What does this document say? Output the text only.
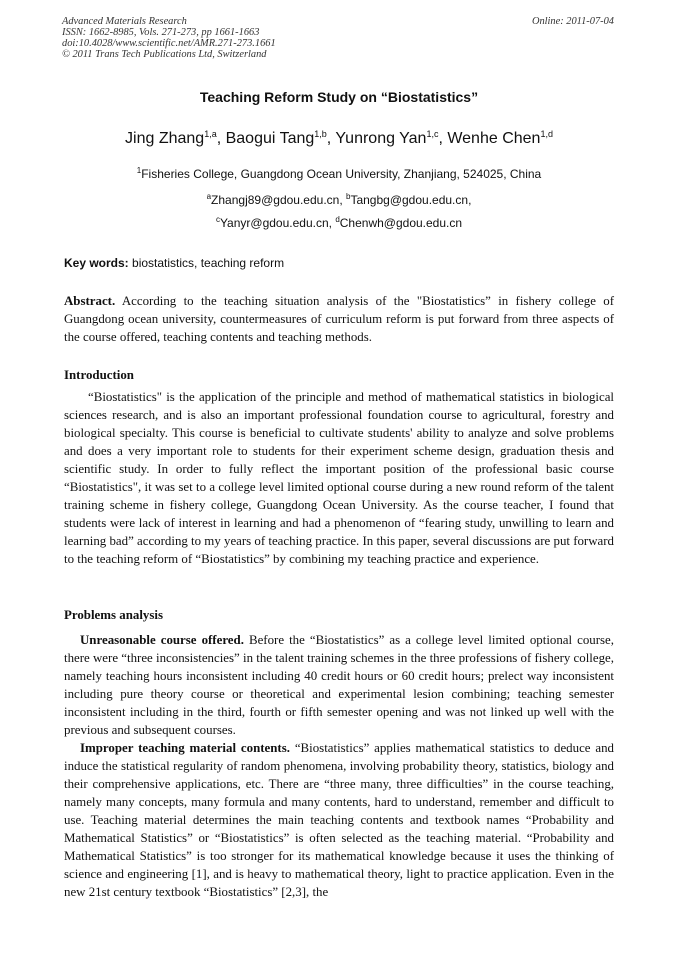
Advanced Materials Research
ISSN: 1662-8985, Vols. 271-273, pp 1661-1663
doi:10.4028/www.scientific.net/AMR.271-273.1661
© 2011 Trans Tech Publications Ltd, Switzerland
Online: 2011-07-04
Teaching Reform Study on “Biostatistics”
Jing Zhang$^{1,a}$, Baogui Tang$^{1,b}$, Yunrong Yan$^{1,c}$, Wenhe Chen$^{1,d}$
$^1$Fisheries College, Guangdong Ocean University, Zhanjiang, 524025, China
$^a$Zhangj89@gdou.edu.cn, $^b$Tangbg@gdou.edu.cn,
$^c$Yanyr@gdou.edu.cn, $^d$Chenwh@gdou.edu.cn
Key words: biostatistics, teaching reform

Abstract. According to the teaching situation analysis of the "Biostatistics” in fishery college of Guangdong ocean university, countermeasures of curriculum reform is put forward from three aspects of the course offered, teaching contents and teaching methods.

Introduction

“Biostatistics" is the application of the principle and method of mathematical statistics in biological sciences research, and is also an important professional foundation course to agricultural, forestry and biological specialty. This course is beneficial to cultivate students' ability to analyze and solve problems and does a very important role to students for their experiment scheme design, graduation thesis and scientific study. In order to fully reflect the important position of the professional basic course “Biostatistics", it was set to a college level limited optional course during a new round reform of the talent training scheme in fishery college, Guangdong Ocean University. As the course teacher, I found that students were lack of interest in learning and had a phenomenon of “fearing study, unwilling to learn and learning bad” according to my years of teaching practice. In this paper, several discussions are put forward to the teaching reform of “Biostatistics” by combining my teaching practice and experience.

Problems analysis

Unreasonable course offered. Before the “Biostatistics” as a college level limited optional course, there were “three inconsistencies” in the talent training schemes in the three professions of fishery college, namely teaching hours inconsistent including 40 credit hours or 60 credit hours; prelect way inconsistent including pure theory course or theoretical and experimental lesion combining; teaching semester inconsistent including in the third, fourth or fifth semester opening and was not linked up well with the previous and subsequent courses.

Improper teaching material contents. “Biostatistics” applies mathematical statistics to deduce and induce the statistical regularity of random phenomena, involving probability theory, statistics, biology and their comprehensive applications, etc. There are “three many, three difficulties” in the course teaching, namely many concepts, many formula and many contents, hard to understand, remember and difficult to use. Teaching material determines the main teaching contents and textbook names “Probability and Mathematical Statistics” or “Biostatistics” is often selected as the teaching material. “Probability and Mathematical Statistics” is too stronger for its mathematical knowledge because it uses the thinking of science and engineering [1], and is heavy to mathematical theory, light to practice application. Even in the new 21st century textbook “Biostatistics” [2,3], the
